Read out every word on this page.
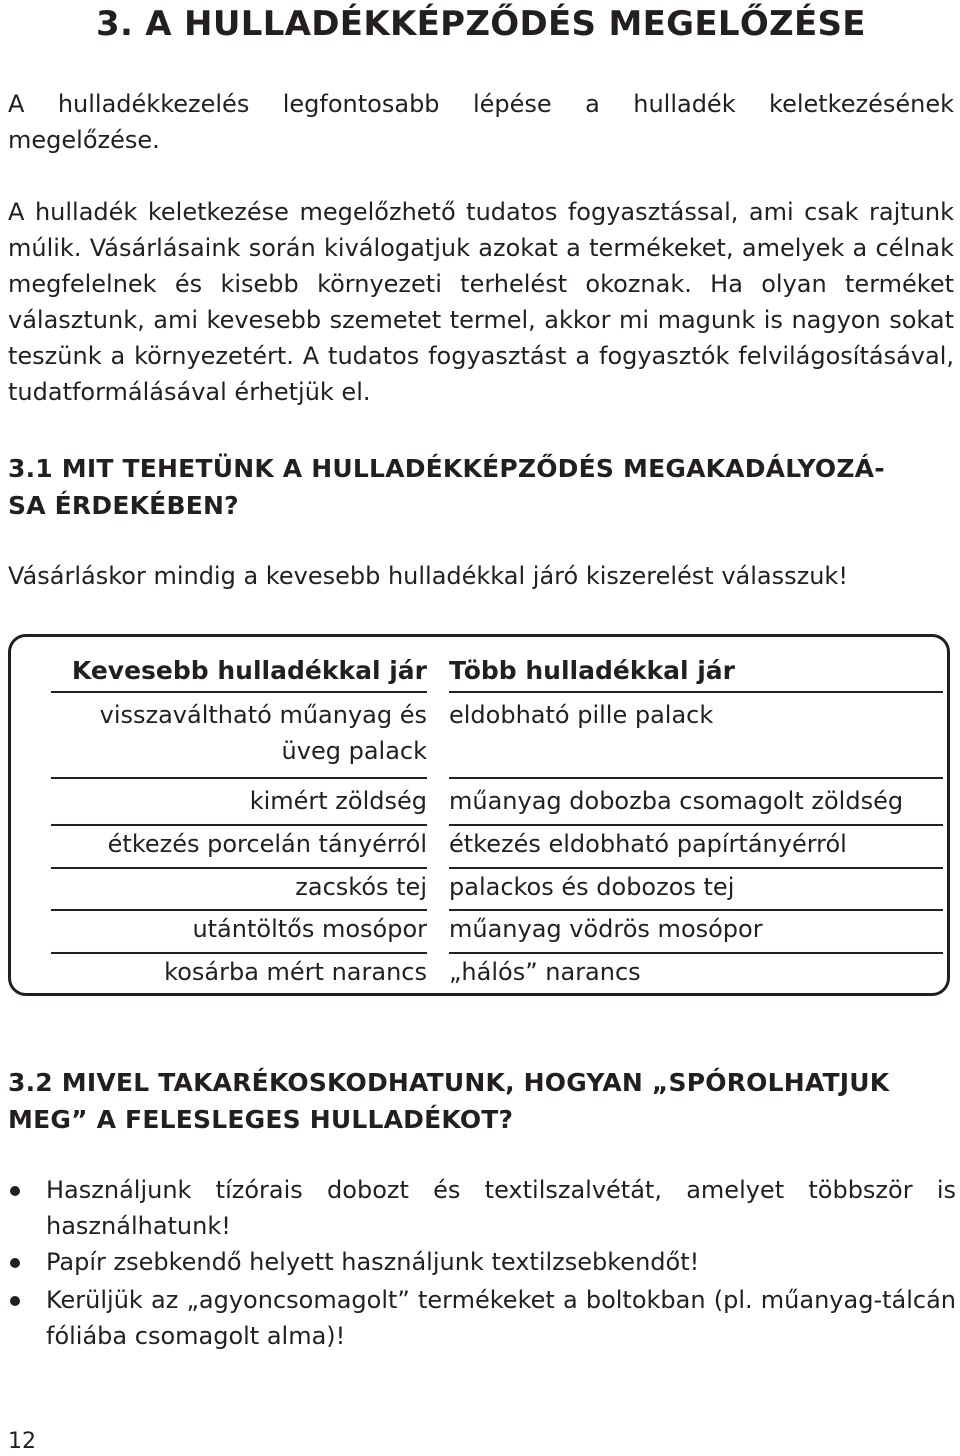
3. A HULLADÉKKÉPZŐDÉS MEGELŐZÉSE

A hulladékkezelés legfontosabb lépése a hulladék keletkezésének megelőzése.

A hulladék keletkezése megelőzhető tudatos fogyasztással, ami csak rajtunk múlik. Vásárlásaink során kiválogatjuk azokat a termékeket, amelyek a célnak megfelelnek és kisebb környezeti terhelést okoznak. Ha olyan terméket választunk, ami kevesebb szemetet termel, akkor mi magunk is nagyon sokat teszünk a környezetért. A tudatos fogyasztást a fogyasztók felvilágosításával, tudatformálásával érhetjük el.

3.1 MIT TEHETÜNK A HULLADÉKKÉPZŐDÉS MEGAKADÁLYOZÁ-
SA ÉRDEKÉBEN?

Vásárláskor mindig a kevesebb hulladékkal járó kiszerelést válasszuk!

Kevesebb hulladékkal jár
visszaváltható műanyag és
üveg palack
kimért zöldség
étkezés porcelán tányérról
zacskós tej
utántöltős mosópor
kosárba mért narancs
Több hulladékkal jár
eldobható pille palack
műanyag dobozba csomagolt zöldség
étkezés eldobható papírtányérról
palackos és dobozos tej
műanyag vödrös mosópor
„hálós” narancs
3.2 MIVEL TAKARÉKOSKODHATUNK, HOGYAN „SPÓROLHATJUK
MEG” A FELESLEGES HULLADÉKOT?

Használjunk tízórais dobozt és textilszalvétát, amelyet többször is használhatunk!

Papír zsebkendő helyett használjunk textilzsebkendőt!

Kerüljük az „agyoncsomagolt” termékeket a boltokban (pl. műanyag-tálcán fóliába csomagolt alma)!

12
